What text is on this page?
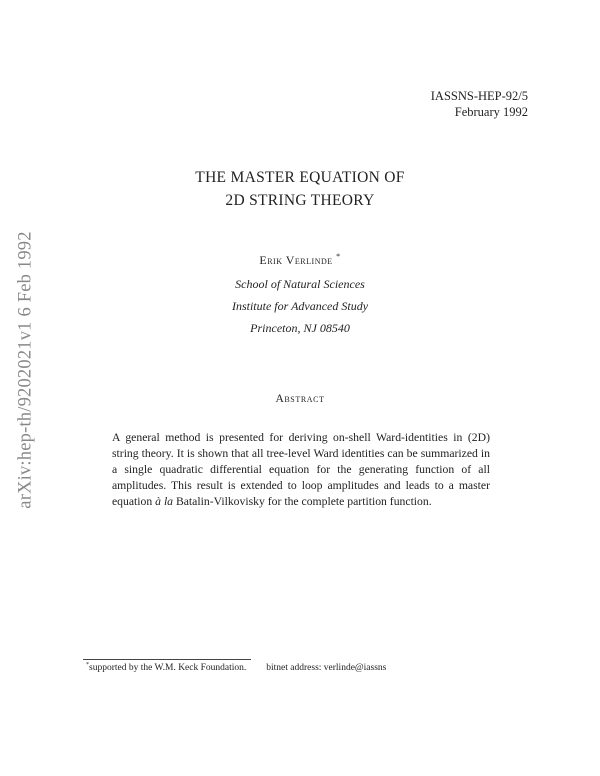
IASSNS-HEP-92/5
February 1992
THE MASTER EQUATION OF
2D STRING THEORY
Erik Verlinde *
School of Natural Sciences
Institute for Advanced Study
Princeton, NJ 08540
Abstract
A general method is presented for deriving on-shell Ward-identities in (2D) string theory. It is shown that all tree-level Ward identities can be summarized in a single quadratic differential equation for the generating function of all amplitudes. This result is extended to loop amplitudes and leads to a master equation à la Batalin-Vilkovisky for the complete partition function.
arXiv:hep-th/9202021v1 6 Feb 1992
*supported by the W.M. Keck Foundation. bitnet address: verlinde@iassns
